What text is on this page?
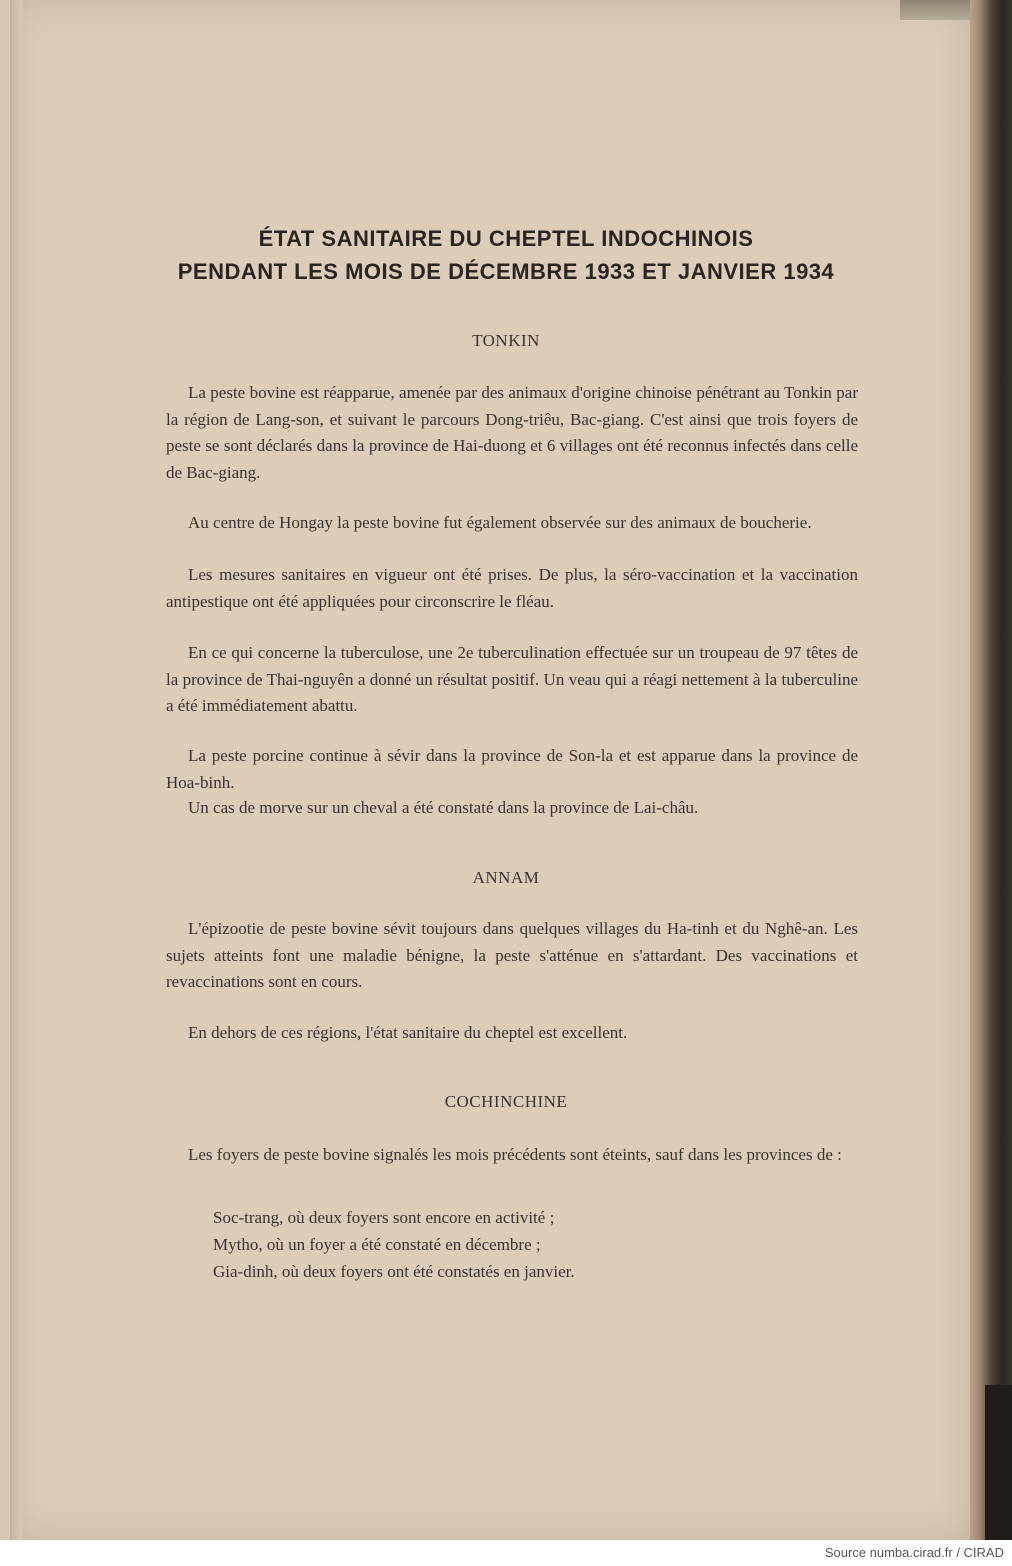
ÉTAT SANITAIRE DU CHEPTEL INDOCHINOIS
PENDANT LES MOIS DE DÉCEMBRE 1933 ET JANVIER 1934
TONKIN

La peste bovine est réapparue, amenée par des animaux d'origine chinoise pénétrant au Tonkin par la région de Lang-son, et suivant le parcours Dong-triêu, Bac-giang. C'est ainsi que trois foyers de peste se sont déclarés dans la province de Hai-duong et 6 villages ont été reconnus infectés dans celle de Bac-giang.

Au centre de Hongay la peste bovine fut également observée sur des animaux de boucherie.

Les mesures sanitaires en vigueur ont été prises. De plus, la séro-vaccination et la vaccination antipestique ont été appliquées pour circonscrire le fléau.

En ce qui concerne la tuberculose, une 2e tuberculination effectuée sur un troupeau de 97 têtes de la province de Thai-nguyên a donné un résultat positif. Un veau qui a réagi nettement à la tuberculine a été immédiatement abattu.

La peste porcine continue à sévir dans la province de Son-la et est apparue dans la province de Hoa-binh.

Un cas de morve sur un cheval a été constaté dans la province de Lai-châu.

ANNAM

L'épizootie de peste bovine sévit toujours dans quelques villages du Ha-tinh et du Nghê-an. Les sujets atteints font une maladie bénigne, la peste s'atténue en s'attardant. Des vaccinations et revaccinations sont en cours.

En dehors de ces régions, l'état sanitaire du cheptel est excellent.

COCHINCHINE

Les foyers de peste bovine signalés les mois précédents sont éteints, sauf dans les provinces de :

Soc-trang, où deux foyers sont encore en activité ;

Mytho, où un foyer a été constaté en décembre ;

Gia-dinh, où deux foyers ont été constatés en janvier.

Source numba.cirad.fr / CIRAD
